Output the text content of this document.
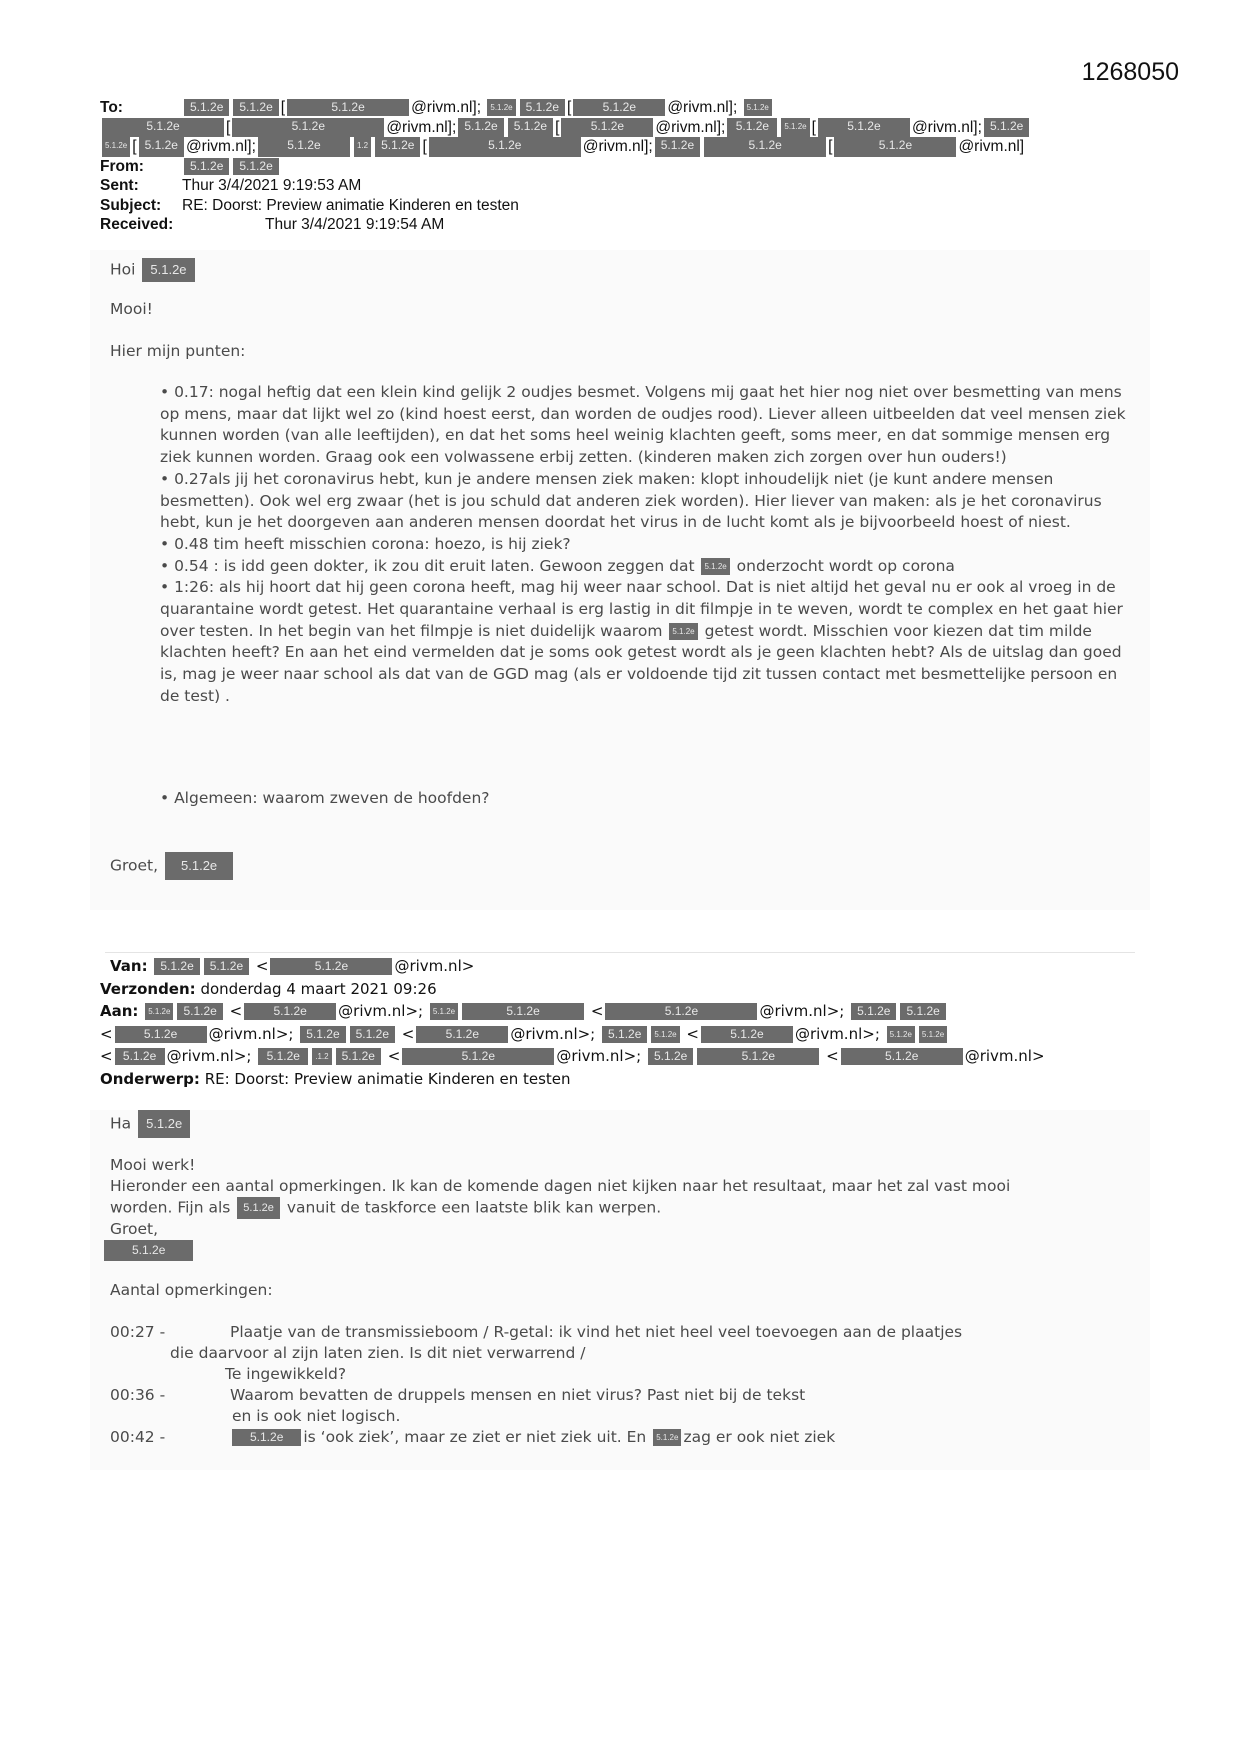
1268050
To:	5.1.2e 5.1.2e [	5.1.2e	@rivm.nl]; 5.1.2e 5.1.2e [	5.1.2e @rivm.nl]; 5.1.2e
5.1.2e	[	5.1.2e	@rivm.nl]; 5.1.2e	5.1.2e [	5.1.2e	@rivm.nl]; 5.1.2e	5.1.2e [	5.1.2e	@rivm.nl]; 5.1.2e
5.1.2e [ 5.1.2e @rivm.nl];	5.1.2e	1.2	5.1.2e [	5.1.2e	@rivm.nl]; 5.1.2e	5.1.2e	[	5.1.2e	@rivm.nl]
From:	5.1.2e 5.1.2e
Sent:	Thur 3/4/2021 9:19:53 AM
Subject:	RE: Doorst: Preview animatie Kinderen en testen
Received:	Thur 3/4/2021 9:19:54 AM
Hoi 5.1.2e
Mooi!
Hier mijn punten:

• 0.17: nogal heftig dat een klein kind gelijk 2 oudjes besmet. Volgens mij gaat het hier nog niet over besmetting van mens op mens, maar dat lijkt wel zo (kind hoest eerst, dan worden de oudjes rood). Liever alleen uitbeelden dat veel mensen ziek kunnen worden (van alle leeftijden), en dat het soms heel weinig klachten geeft, soms meer, en dat sommige mensen erg ziek kunnen worden. Graag ook een volwassene erbij zetten. (kinderen maken zich zorgen over hun ouders!)

• 0.27als jij het coronavirus hebt, kun je andere mensen ziek maken: klopt inhoudelijk niet (je kunt andere mensen besmetten). Ook wel erg zwaar (het is jou schuld dat anderen ziek worden). Hier liever van maken: als je het coronavirus hebt, kun je het doorgeven aan anderen mensen doordat het virus in de lucht komt als je bijvoorbeeld hoest of niest.

• 0.48 tim heeft misschien corona: hoezo, is hij ziek?

• 0.54 : is idd geen dokter, ik zou dit eruit laten. Gewoon zeggen dat 5.1.2e onderzocht wordt op corona

• 1:26: als hij hoort dat hij geen corona heeft, mag hij weer naar school. Dat is niet altijd het geval nu er ook al vroeg in de quarantaine wordt getest. Het quarantaine verhaal is erg lastig in dit filmpje in te weven, wordt te complex en het gaat hier over testen. In het begin van het filmpje is niet duidelijk waarom 5.1.2e getest wordt. Misschien voor kiezen dat tim milde klachten heeft? En aan het eind vermelden dat je soms ook getest wordt als je geen klachten hebt? Als de uitslag dan goed is, mag je weer naar school als dat van de GGD mag (als er voldoende tijd zit tussen contact met besmettelijke persoon en de test) .

• Algemeen: waarom zweven de hoofden?
Groet, 5.1.2e
Van: 5.1.2e 5.1.2e <	5.1.2e	@rivm.nl>
Verzonden: donderdag 4 maart 2021 09:26
Aan: 5.1.2e 5.1.2e <	5.1.2e @rivm.nl>; 5.1.2e	5.1.2e	<	5.1.2e	@rivm.nl>; 5.1.2e 5.1.2e
<	5.1.2e @rivm.nl>; 5.1.2e 5.1.2e <	5.1.2e @rivm.nl>; 5.1.2e 5.1.2e <	5.1.2e @rivm.nl>; 5.1.2e 5.1.2e
< 5.1.2e @rivm.nl>; 5.1.2e .1.2 5.1.2e <	5.1.2e	@rivm.nl>; 5.1.2e	5.1.2e	<	5.1.2e	@rivm.nl>
Onderwerp: RE: Doorst: Preview animatie Kinderen en testen
Ha 5.1.2e
Mooi werk!
Hieronder een aantal opmerkingen. Ik kan de komende dagen niet kijken naar het resultaat, maar het zal vast mooi
worden. Fijn als 5.1.2e vanuit de taskforce een laatste blik kan werpen.
Groet,
5.1.2e
Aantal opmerkingen:
00:27 -	Plaatje van de transmissieboom / R-getal: ik vind het niet heel veel toevoegen aan de plaatjes
die daarvoor al zijn laten zien. Is dit niet verwarrend /
Te ingewikkeld?
00:36 -	Waarom bevatten de druppels mensen en niet virus? Past niet bij de tekst
en is ook niet logisch.
00:42 -	5.1.2e is ‘ook ziek’, maar ze ziet er niet ziek uit. En 5.1.2e zag er ook niet ziek
